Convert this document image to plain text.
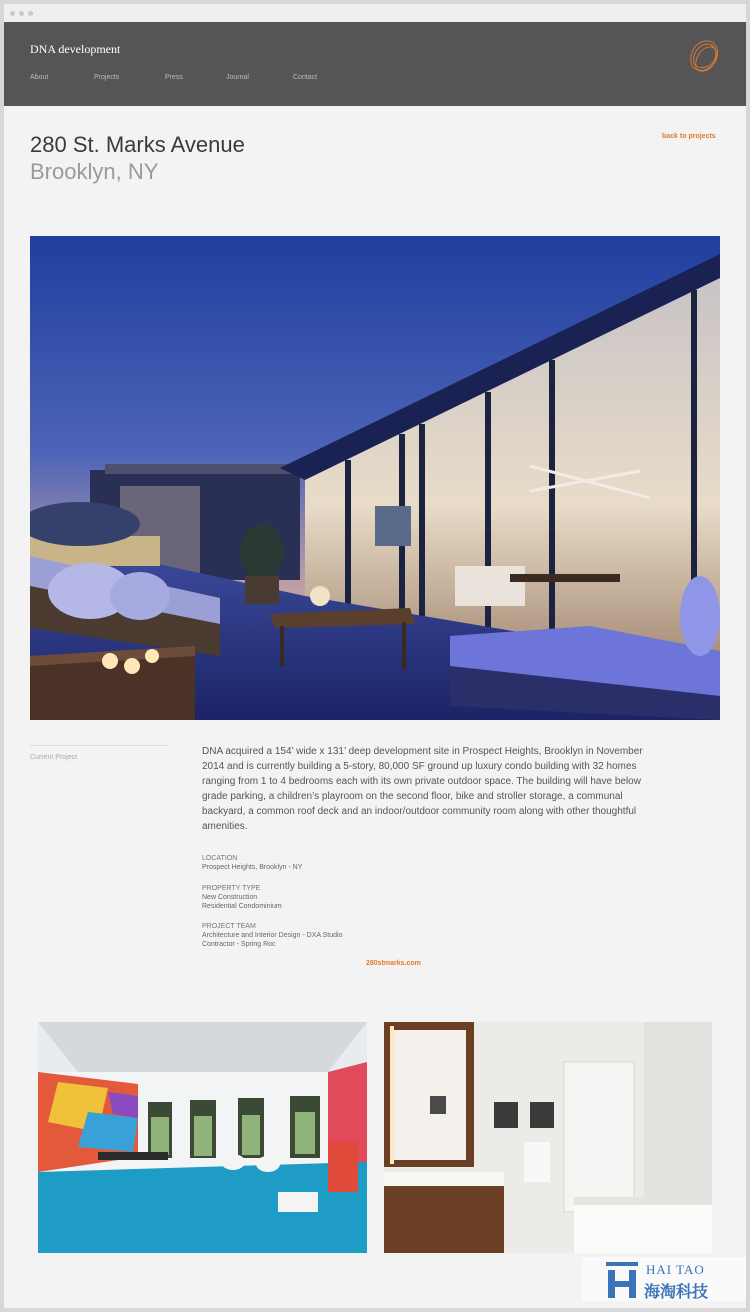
DNA development
About	Projects	Press	Journal	Contact
280 St. Marks Avenue
Brooklyn, NY
back to projects
Current Project
DNA acquired a 154’ wide x 131’ deep development site in Prospect Heights, Brooklyn in November 2014 and is currently building a 5-story, 80,000 SF ground up luxury condo building with 32 homes ranging from 1 to 4 bedrooms each with its own private outdoor space. The building will have below grade parking, a children’s playroom on the second floor, bike and stroller storage, a communal backyard, a common roof deck and an indoor/outdoor community room along with other thoughtful amenities.
LOCATION
Prospect Heights, Brooklyn - NY
PROPERTY TYPE
New Construction
Residential Condominium
PROJECT TEAM
Architecture and Interior Design - DXA Studio
Contractor - Spring Roc
280stmarks.com
HAI TAO
海淘科技
